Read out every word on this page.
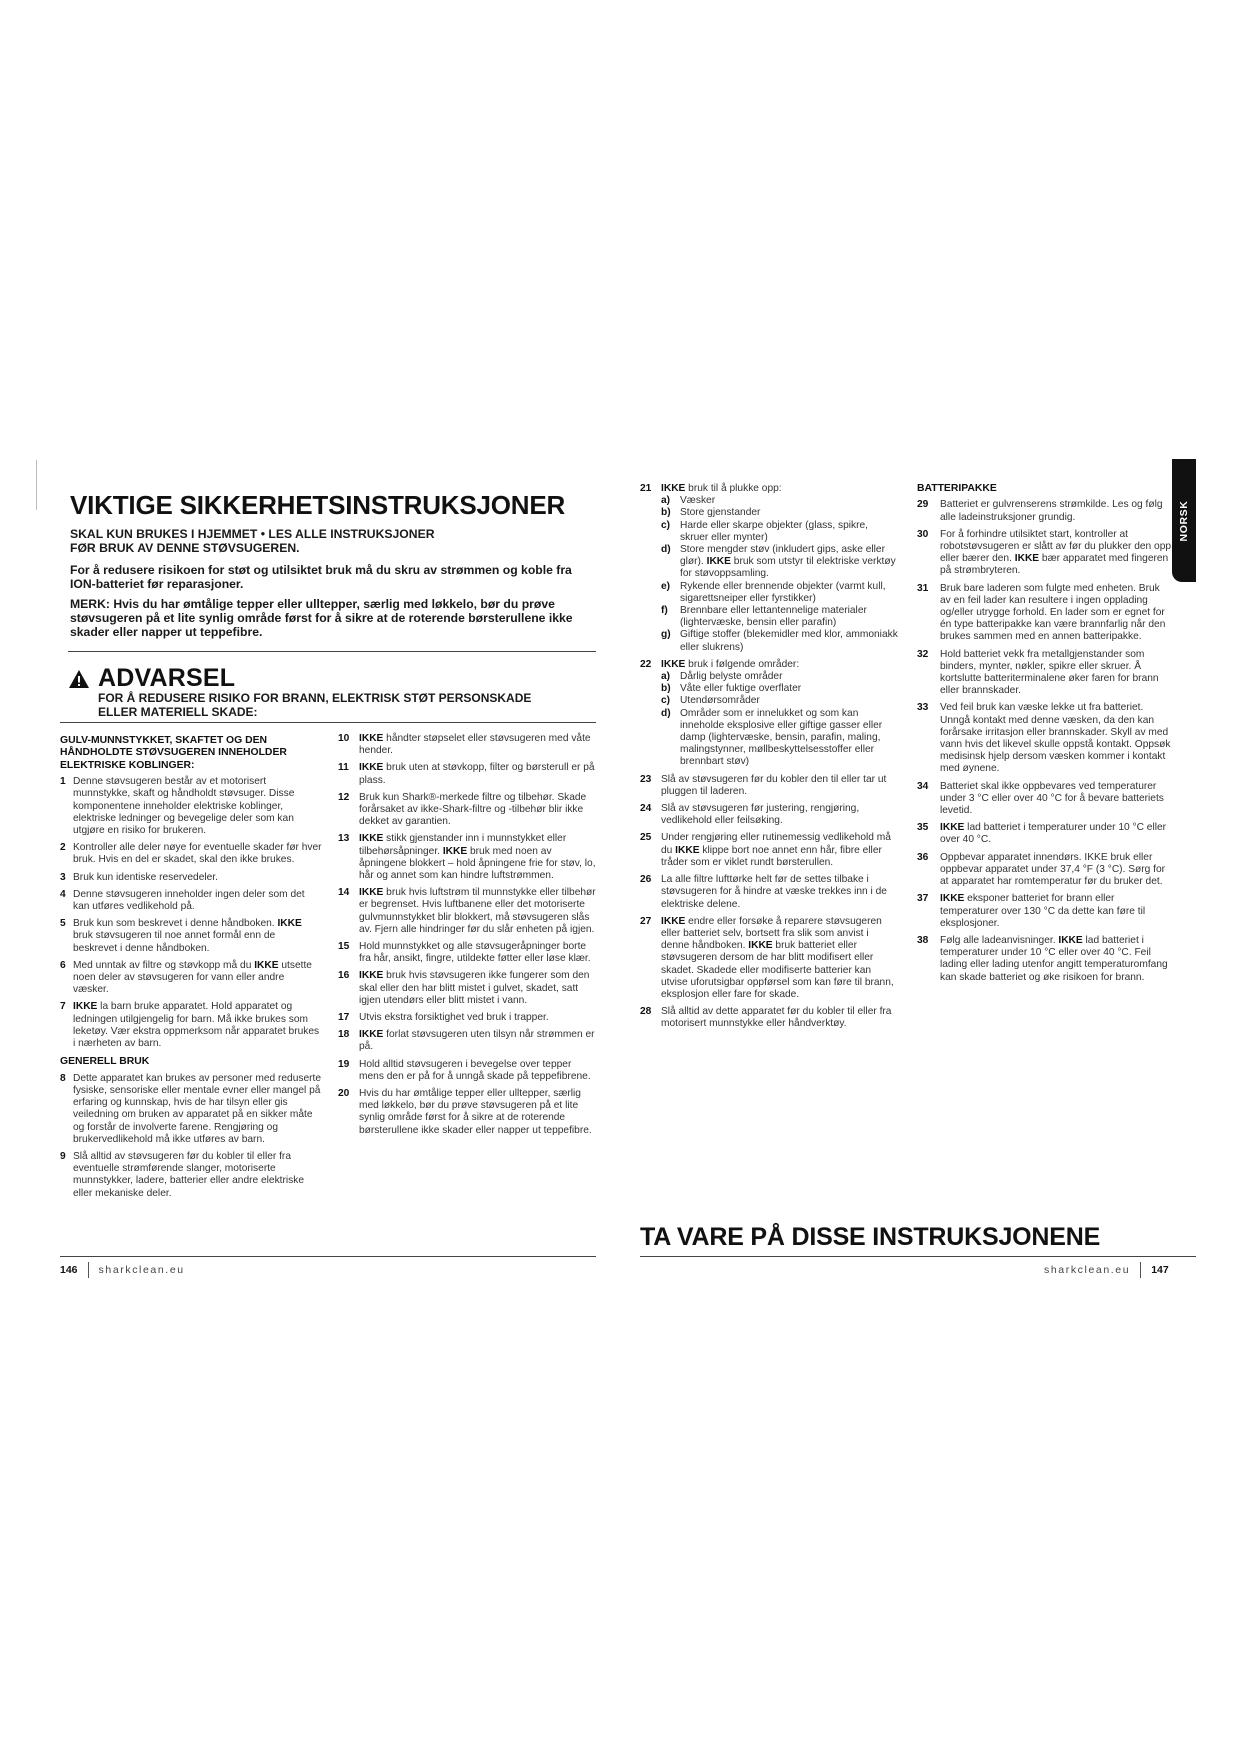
VIKTIGE SIKKERHETSINSTRUKSJONER
SKAL KUN BRUKES I HJEMMET • LES ALLE INSTRUKSJONER
FØR BRUK AV DENNE STØVSUGEREN.

For å redusere risikoen for støt og utilsiktet bruk må du skru av strømmen og koble fra ION-batteriet før reparasjoner.

MERK: Hvis du har ømtålige tepper eller ulltepper, særlig med løkkelo, bør du prøve støvsugeren på et lite synlig område først for å sikre at de roterende børsterullene ikke skader eller napper ut teppefibre.

ADVARSEL
FOR Å REDUSERE RISIKO FOR BRANN, ELEKTRISK STØT PERSONSKADE
ELLER MATERIELL SKADE:
GULV-MUNNSTYKKET, SKAFTET OG DEN HÅNDHOLDTE STØVSUGEREN INNEHOLDER ELEKTRISKE KOBLINGER:
1 Denne støvsugeren består av et motorisert munnstykke, skaft og håndholdt støvsuger. Disse komponentene inneholder elektriske koblinger, elektriske ledninger og bevegelige deler som kan utgjøre en risiko for brukeren.
2 Kontroller alle deler nøye for eventuelle skader før hver bruk. Hvis en del er skadet, skal den ikke brukes.
3 Bruk kun identiske reservedeler.
4 Denne støvsugeren inneholder ingen deler som det kan utføres vedlikehold på.
5 Bruk kun som beskrevet i denne håndboken. IKKE bruk støvsugeren til noe annet formål enn de beskrevet i denne håndboken.
6 Med unntak av filtre og støvkopp må du IKKE utsette noen deler av støvsugeren for vann eller andre væsker.
7 IKKE la barn bruke apparatet. Hold apparatet og ledningen utilgjengelig for barn. Må ikke brukes som leketøy. Vær ekstra oppmerksom når apparatet brukes i nærheten av barn.
GENERELL BRUK
8 Dette apparatet kan brukes av personer med reduserte fysiske, sensoriske eller mentale evner eller mangel på erfaring og kunnskap, hvis de har tilsyn eller gis veiledning om bruken av apparatet på en sikker måte og forstår de involverte farene. Rengjøring og brukervedlikehold må ikke utføres av barn.
9 Slå alltid av støvsugeren før du kobler til eller fra eventuelle strømførende slanger, motoriserte munnstykker, ladere, batterier eller andre elektriske eller mekaniske deler.
10 IKKE håndter støpselet eller støvsugeren med våte hender.
11	IKKE bruk uten at støvkopp, filter og børsterull er på plass.
12 Bruk kun Shark®-merkede filtre og tilbehør. Skade forårsaket av ikke-Shark-filtre og -tilbehør blir ikke dekket av garantien.
13 IKKE stikk gjenstander inn i munnstykket eller tilbehørsåpninger. IKKE bruk med noen av åpningene blokkert – hold åpningene frie for støv, lo, hår og annet som kan hindre luftstrømmen.
14 IKKE bruk hvis luftstrøm til munnstykke eller tilbehør er begrenset. Hvis luftbanene eller det motoriserte gulvmunnstykket blir blokkert, må støvsugeren slås av. Fjern alle hindringer før du slår enheten på igjen.
15 Hold munnstykket og alle støvsugeråpninger borte fra hår, ansikt, fingre, utildekte føtter eller løse klær.
16 IKKE bruk hvis støvsugeren ikke fungerer som den skal eller den har blitt mistet i gulvet, skadet, satt igjen utendørs eller blitt mistet i vann.
17 Utvis ekstra forsiktighet ved bruk i trapper.
18 IKKE forlat støvsugeren uten tilsyn når strømmen er på.
19 Hold alltid støvsugeren i bevegelse over tepper mens den er på for å unngå skade på teppefibrene.
20 Hvis du har ømtålige tepper eller ulltepper, særlig med løkkelo, bør du prøve støvsugeren på et lite synlig område først for å sikre at de roterende børsterullene ikke skader eller napper ut teppefibre.
146 sharkclean.eu
21 IKKE bruk til å plukke opp:
a) Væsker
b) Store gjenstander
c) Harde eller skarpe objekter (glass, spikre, skruer eller mynter)
d) Store mengder støv (inkludert gips, aske eller glør). IKKE bruk som utstyr til elektriske verktøy for støvoppsamling.
e) Rykende eller brennende objekter (varmt kull, sigarettsneiper eller fyrstikker)
f)	Brennbare eller lettantennelige materialer (lightervæske, bensin eller parafin)
g) Giftige stoffer (blekemidler med klor, ammoniakk eller slukrens)
22 IKKE bruk i følgende områder:
a) Dårlig belyste områder
b) Våte eller fuktige overflater
c) Utendørsområder
d) Områder som er innelukket og som kan inneholde eksplosive eller giftige gasser eller damp (lightervæske, bensin, parafin, maling, malingstynner, møllbeskyttelsesstoffer eller brennbart støv)
23 Slå av støvsugeren før du kobler den til eller tar ut pluggen til laderen.
24 Slå av støvsugeren før justering, rengjøring, vedlikehold eller feilsøking.
25 Under rengjøring eller rutinemessig vedlikehold må du IKKE klippe bort noe annet enn hår, fibre eller tråder som er viklet rundt børsterullen.
26 La alle filtre lufttørke helt før de settes tilbake i støvsugeren for å hindre at væske trekkes inn i de elektriske delene.
27 IKKE endre eller forsøke å reparere støvsugeren eller batteriet selv, bortsett fra slik som anvist i denne håndboken. IKKE bruk batteriet eller støvsugeren dersom de har blitt modifisert eller skadet. Skadede eller modifiserte batterier kan utvise uforutsigbar oppførsel som kan føre til brann, eksplosjon eller fare for skade.
28 Slå alltid av dette apparatet før du kobler til eller fra motorisert munnstykke eller håndverktøy.
BATTERIPAKKE
29	Batteriet er gulvrenserens strømkilde. Les og følg alle ladeinstruksjoner grundig.
30	For å forhindre utilsiktet start, kontroller at robotstøvsugeren er slått av før du plukker den opp eller bærer den. IKKE bær apparatet med fingeren på strømbryteren.
31	Bruk bare laderen som fulgte med enheten. Bruk av en feil lader kan resultere i ingen opplading og/eller utrygge forhold. En lader som er egnet for én type batteripakke kan være brannfarlig når den brukes sammen med en annen batteripakke.
32	Hold batteriet vekk fra metallgjenstander som binders, mynter, nøkler, spikre eller skruer. Å kortslutte batteriterminalene øker faren for brann eller brannskader.
33	Ved feil bruk kan væske lekke ut fra batteriet. Unngå kontakt med denne væsken, da den kan forårsake irritasjon eller brannskader. Skyll av med vann hvis det likevel skulle oppstå kontakt. Oppsøk medisinsk hjelp dersom væsken kommer i kontakt med øynene.
34	Batteriet skal ikke oppbevares ved temperaturer under 3 °C eller over 40 °C for å bevare batteriets levetid.
35	IKKE lad batteriet i temperaturer under 10 °C eller over 40 °C.
36	Oppbevar apparatet innendørs. IKKE bruk eller oppbevar apparatet under 37,4 °F (3 °C). Sørg for at apparatet har romtemperatur før du bruker det.
37	IKKE eksponer batteriet for brann eller temperaturer over 130 °C da dette kan føre til eksplosjoner.
38	Følg alle ladeanvisninger. IKKE lad batteriet i temperaturer under 10 °C eller over 40 °C. Feil lading eller lading utenfor angitt temperaturomfang kan skade batteriet og øke risikoen for brann.
NORSK
TA VARE PÅ DISSE INSTRUKSJONENE
sharkclean.eu 147
